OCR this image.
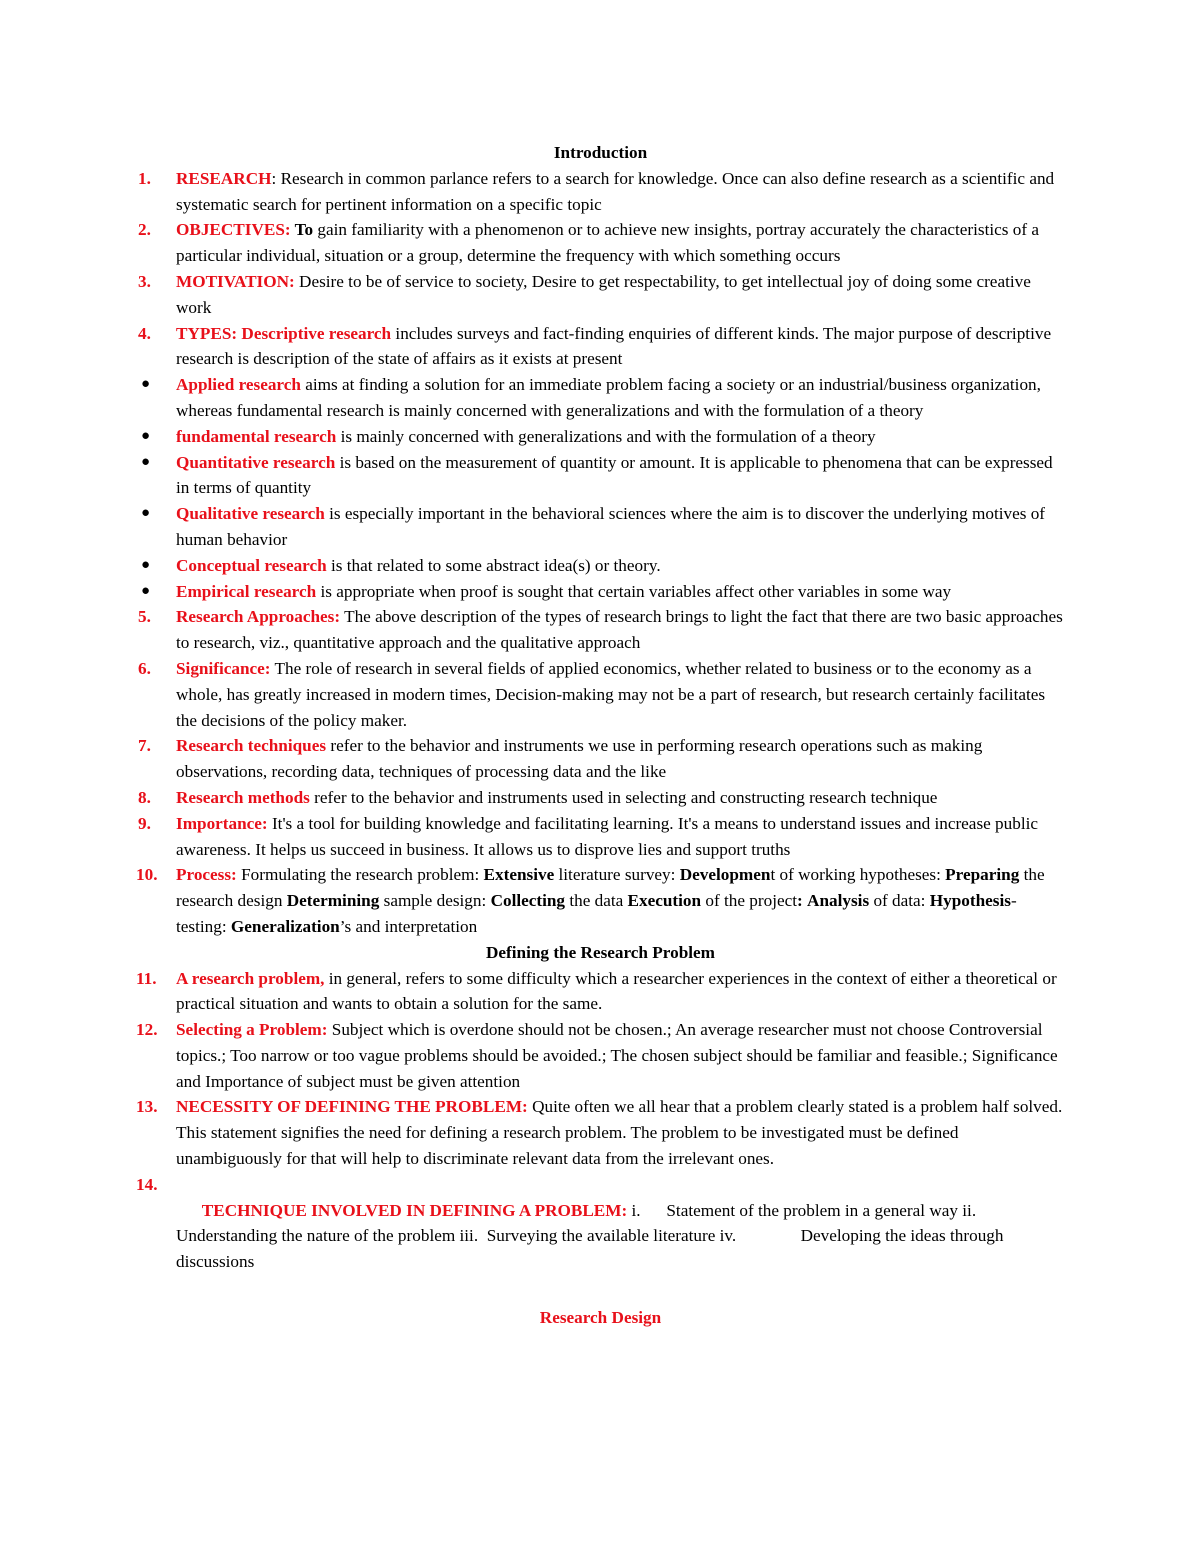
Introduction

1.	RESEARCH: Research in common parlance refers to a search for knowledge. Once can also define research as a scientific and systematic search for pertinent information on a specific topic
2.	OBJECTIVES: To gain familiarity with a phenomenon or to achieve new insights, portray accurately the characteristics of a particular individual, situation or a group, determine the frequency with which something occurs
3.	MOTIVATION: Desire to be of service to society, Desire to get respectability, to get intellectual joy of doing some creative work
4.	TYPES: Descriptive research includes surveys and fact-finding enquiries of different kinds. The major purpose of descriptive research is description of the state of affairs as it exists at present
● Applied research aims at finding a solution for an immediate problem facing a society or an industrial/business organization, whereas fundamental research is mainly concerned with generalizations and with the formulation of a theory
● fundamental research is mainly concerned with generalizations and with the formulation of a theory
● Quantitative research is based on the measurement of quantity or amount. It is applicable to phenomena that can be expressed in terms of quantity
● Qualitative research is especially important in the behavioral sciences where the aim is to discover the underlying motives of human behavior
● Conceptual research is that related to some abstract idea(s) or theory.
● Empirical research is appropriate when proof is sought that certain variables affect other variables in some way
5.	Research Approaches: The above description of the types of research brings to light the fact that there are two basic approaches to research, viz., quantitative approach and the qualitative approach
6.	Significance: The role of research in several fields of applied economics, whether related to business or to the economy as a whole, has greatly increased in modern times, Decision-making may not be a part of research, but research certainly facilitates the decisions of the policy maker.
7.	Research techniques refer to the behavior and instruments we use in performing research operations such as making observations, recording data, techniques of processing data and the like
8.	Research methods refer to the behavior and instruments used in selecting and constructing research technique
9.	Importance: It's a tool for building knowledge and facilitating learning. It's a means to understand issues and increase public awareness. It helps us succeed in business. It allows us to disprove lies and support truths
10.	Process: Formulating the research problem: Extensive literature survey: Development of working hypotheses: Preparing the research design Determining sample design: Collecting the data Execution of the project: Analysis of data: Hypothesis-testing: Generalization’s and interpretation

Defining the Research Problem

11.	A research problem, in general, refers to some difficulty which a researcher experiences in the context of either a theoretical or practical situation and wants to obtain a solution for the same.
12.	Selecting a Problem: Subject which is overdone should not be chosen.; An average researcher must not choose Controversial topics.; Too narrow or too vague problems should be avoided.; The chosen subject should be familiar and feasible.; Significance and Importance of subject must be given attention
13.	NECESSITY OF DEFINING THE PROBLEM: Quite often we all hear that a problem clearly stated is a problem half solved. This statement signifies the need for defining a research problem. The problem to be investigated must be defined unambiguously for that will help to discriminate relevant data from the irrelevant ones.

14.
TECHNIQUE INVOLVED IN DEFINING A PROBLEM: i.      Statement of the problem in a general way ii.    Understanding the nature of the problem iii.  Surveying the available literature iv.               Developing the ideas through discussions

Research Design
